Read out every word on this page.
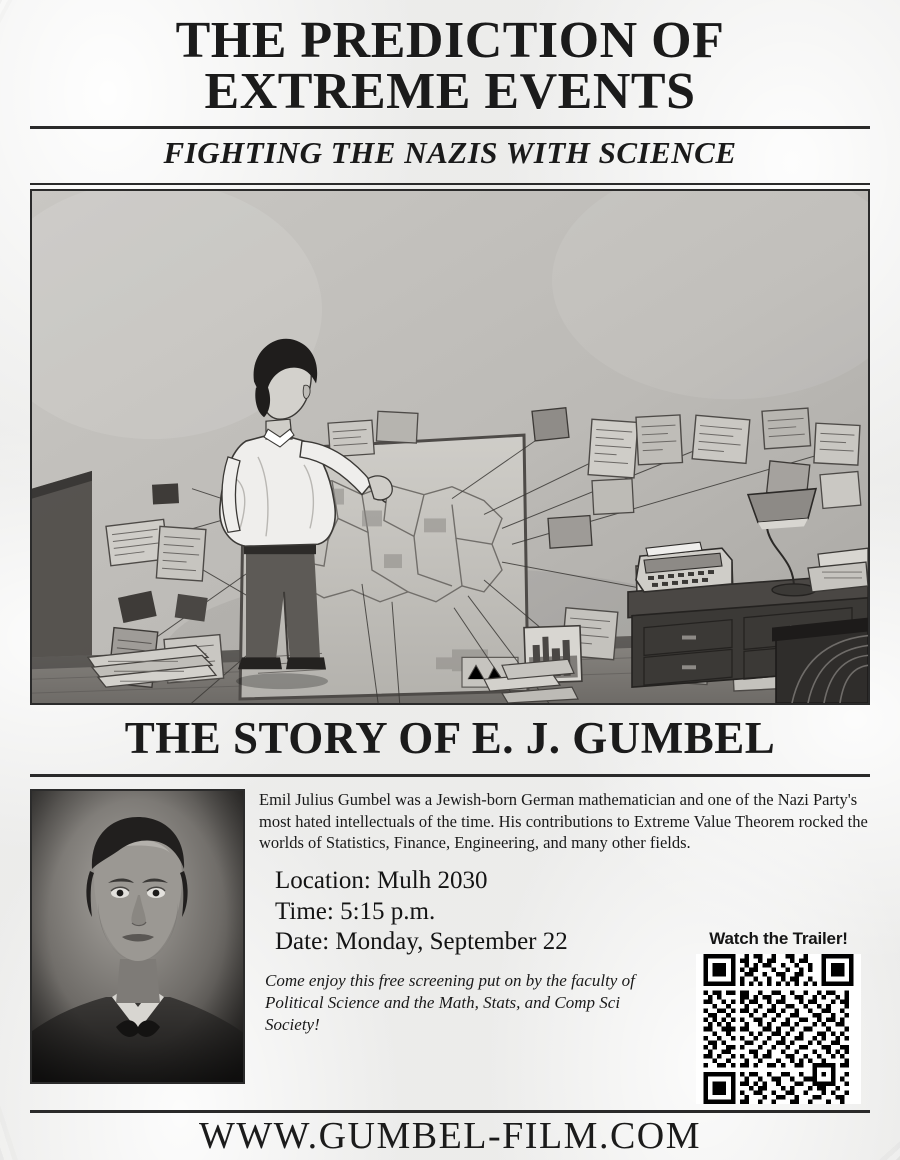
THE PREDICTION OF
EXTREME EVENTS
FIGHTING THE NAZIS WITH SCIENCE
THE STORY OF E. J. GUMBEL
Emil Julius Gumbel was a Jewish-born German mathematician and one of the Nazi Party's most hated intellectuals of the time. His contributions to Extreme Value Theorem rocked the worlds of Statistics, Finance, Engineering, and many other fields.
Location: Mulh 2030
Time: 5:15 p.m.
Date: Monday, September 22
Come enjoy this free screening put on by the faculty of Political Science and the Math, Stats, and Comp Sci Society!
Watch the Trailer!
WWW.GUMBEL-FILM.COM
